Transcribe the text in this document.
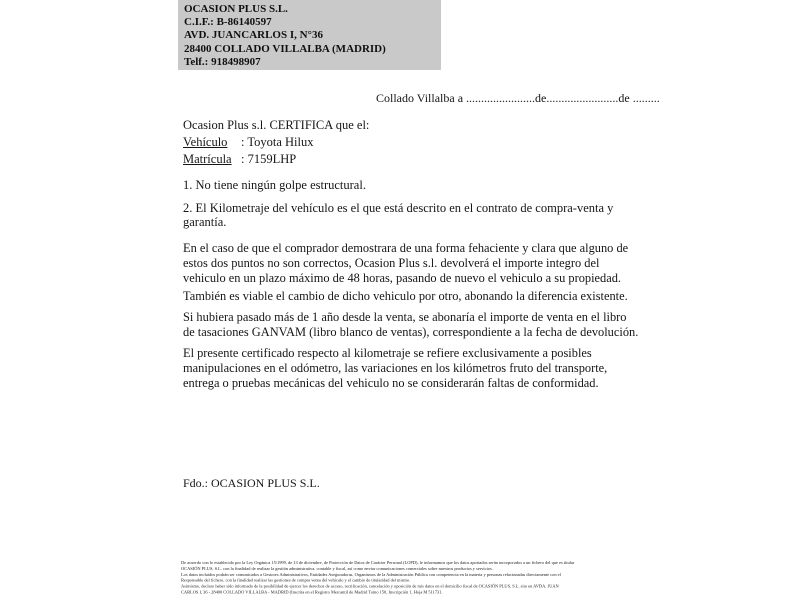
OCASION PLUS S.L.
C.I.F.: B-86140597
AVD. JUANCARLOS I, N°36
28400 COLLADO VILLALBA (MADRID)
Telf.: 918498907
Collado Villalba a .......................de........................de .........
Ocasion Plus s.l. CERTIFICA que el:
Vehículo : Toyota Hilux
Matrícula : 7159LHP
1. No tiene ningún golpe estructural.
2. El Kilometraje del vehículo es el que está descrito en el contrato de compra-venta y garantía.

En el caso de que el comprador demostrara de una forma fehaciente y clara que alguno de estos dos puntos no son correctos, Ocasion Plus s.l. devolverá el importe integro del vehiculo en un plazo máximo de 48 horas, pasando de nuevo el vehiculo a su propiedad.

También es viable el cambio de dicho vehiculo por otro, abonando la diferencia existente.

Si hubiera pasado más de 1 año desde la venta, se abonaría el importe de venta en el libro de tasaciones GANVAM (libro blanco de ventas), correspondiente a la fecha de devolución.

El presente certificado respecto al kilometraje se refiere exclusivamente a posibles manipulaciones en el odómetro, las variaciones en los kilómetros fruto del transporte, entrega o pruebas mecánicas del vehiculo no se considerarán faltas de conformidad.

Fdo.: OCASION PLUS S.L.
De acuerdo con lo establecido por la Ley Orgánica 15/1999, de 13 de diciembre, de Protección de Datos de Carácter Personal (LOPD), le informamos que los datos aportados serán incorporados a un fichero del que es titular
OCASIÓN PLUS, S.L. con la finalidad de realizar la gestión administrativa, contable y fiscal, así como enviar comunicaciones comerciales sobre nuestros productos y servicios.
Los datos incluidos podrán ser comunicados a Gestores Administrativos, Entidades Aseguradoras, Organismos de la Administración Pública con competencia en la materia y personas relacionadas directamente con el
Responsable del fichero, con la finalidad realizar las gestiones de compra venta del vehículo y el cambio de titularidad del mismo.
Asimismo, declaro haber sido informado de la posibilidad de ejercer los derechos de acceso, rectificación, cancelación y oposición de mis datos en el domicilio fiscal de OCASIÓN PLUS, S.L. sito en AVDA. JUAN
CARLOS I, 36 - 28400 COLLADO VILLALBA - MADRID (Inscrita en el Registro Mercantil de Madrid Tomo 150, Inscripción 1, Hoja M 511731.
